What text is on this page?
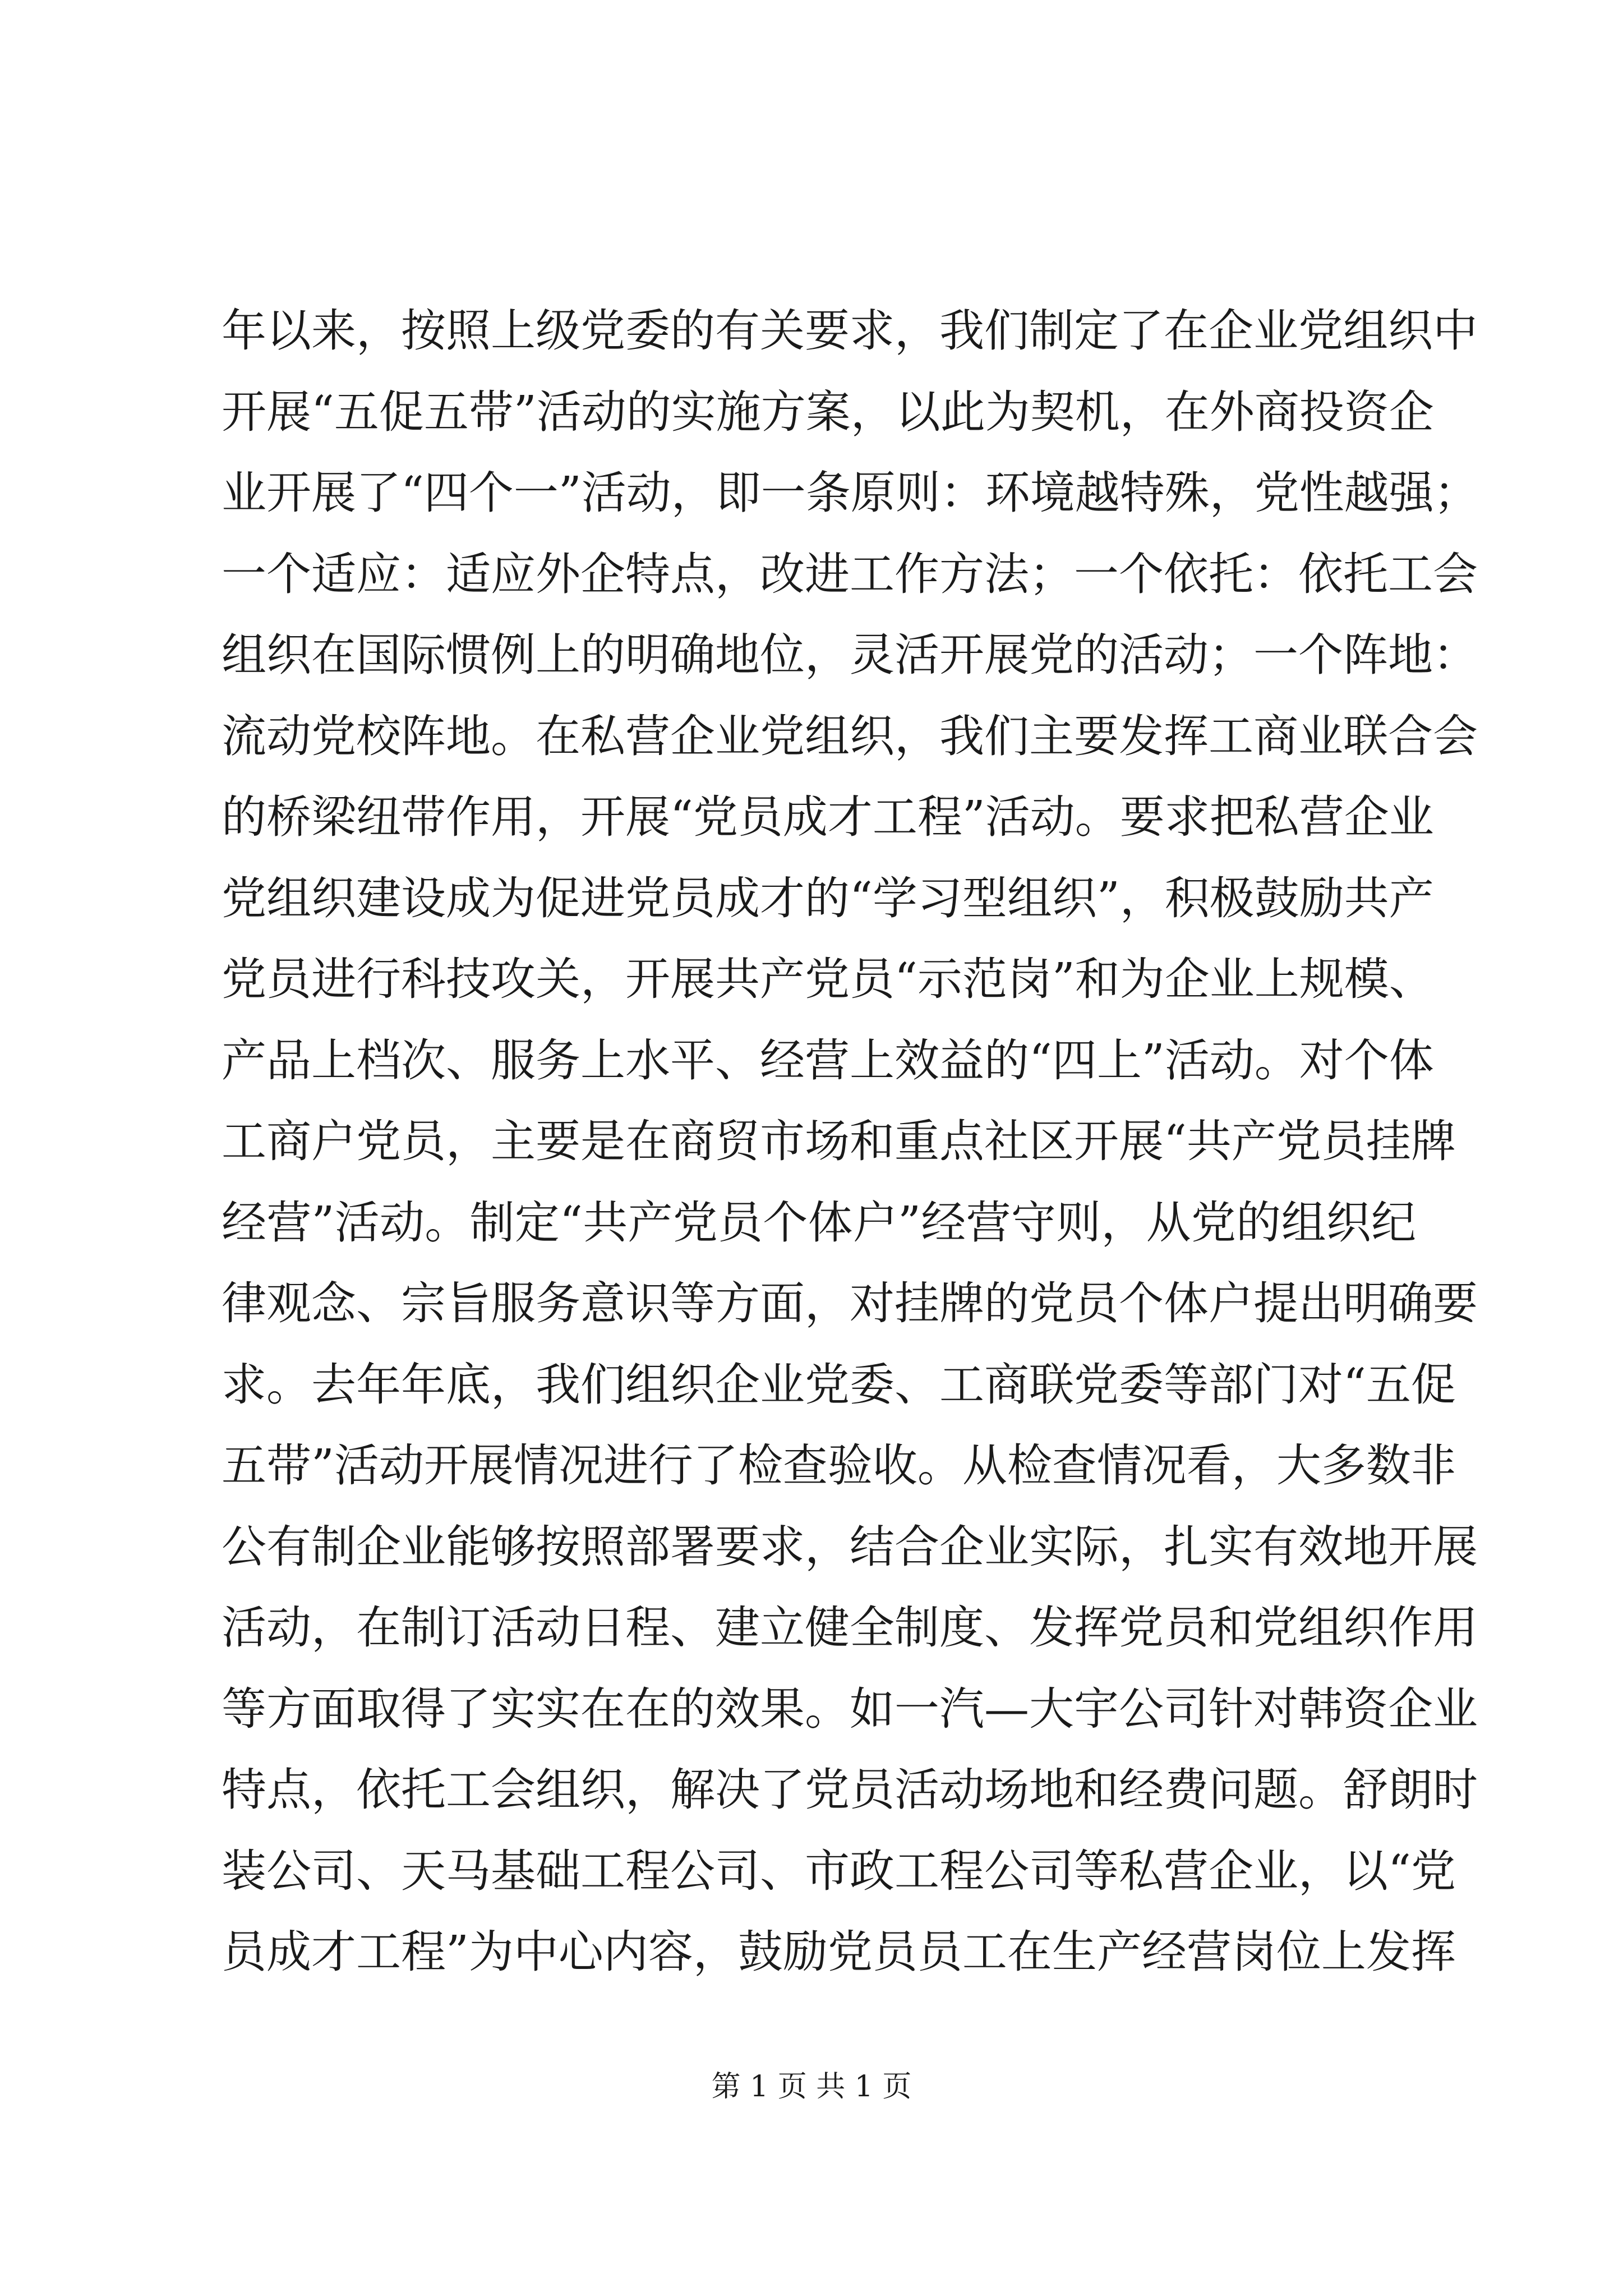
年以来，按照上级党委的有关要求，我们制定了在企业党组织中
开展“五促五带”活动的实施方案，以此为契机，在外商投资企
业开展了“四个一”活动，即一条原则：环境越特殊，党性越强；
一个适应：适应外企特点，改进工作方法；一个依托：依托工会
组织在国际惯例上的明确地位，灵活开展党的活动；一个阵地：
流动党校阵地。在私营企业党组织，我们主要发挥工商业联合会
的桥梁纽带作用，开展“党员成才工程”活动。要求把私营企业
党组织建设成为促进党员成才的“学习型组织”，积极鼓励共产
党员进行科技攻关，开展共产党员“示范岗”和为企业上规模、
产品上档次、服务上水平、经营上效益的“四上”活动。对个体
工商户党员，主要是在商贸市场和重点社区开展“共产党员挂牌
经营”活动。制定“共产党员个体户”经营守则，从党的组织纪
律观念、宗旨服务意识等方面，对挂牌的党员个体户提出明确要
求。去年年底，我们组织企业党委、工商联党委等部门对“五促
五带”活动开展情况进行了检查验收。从检查情况看，大多数非
公有制企业能够按照部署要求，结合企业实际，扎实有效地开展
活动，在制订活动日程、建立健全制度、发挥党员和党组织作用
等方面取得了实实在在的效果。如一汽—大宇公司针对韩资企业
特点，依托工会组织，解决了党员活动场地和经费问题。舒朗时
装公司、天马基础工程公司、市政工程公司等私营企业，以“党
员成才工程”为中心内容，鼓励党员员工在生产经营岗位上发挥
第 1 页 共 1 页
